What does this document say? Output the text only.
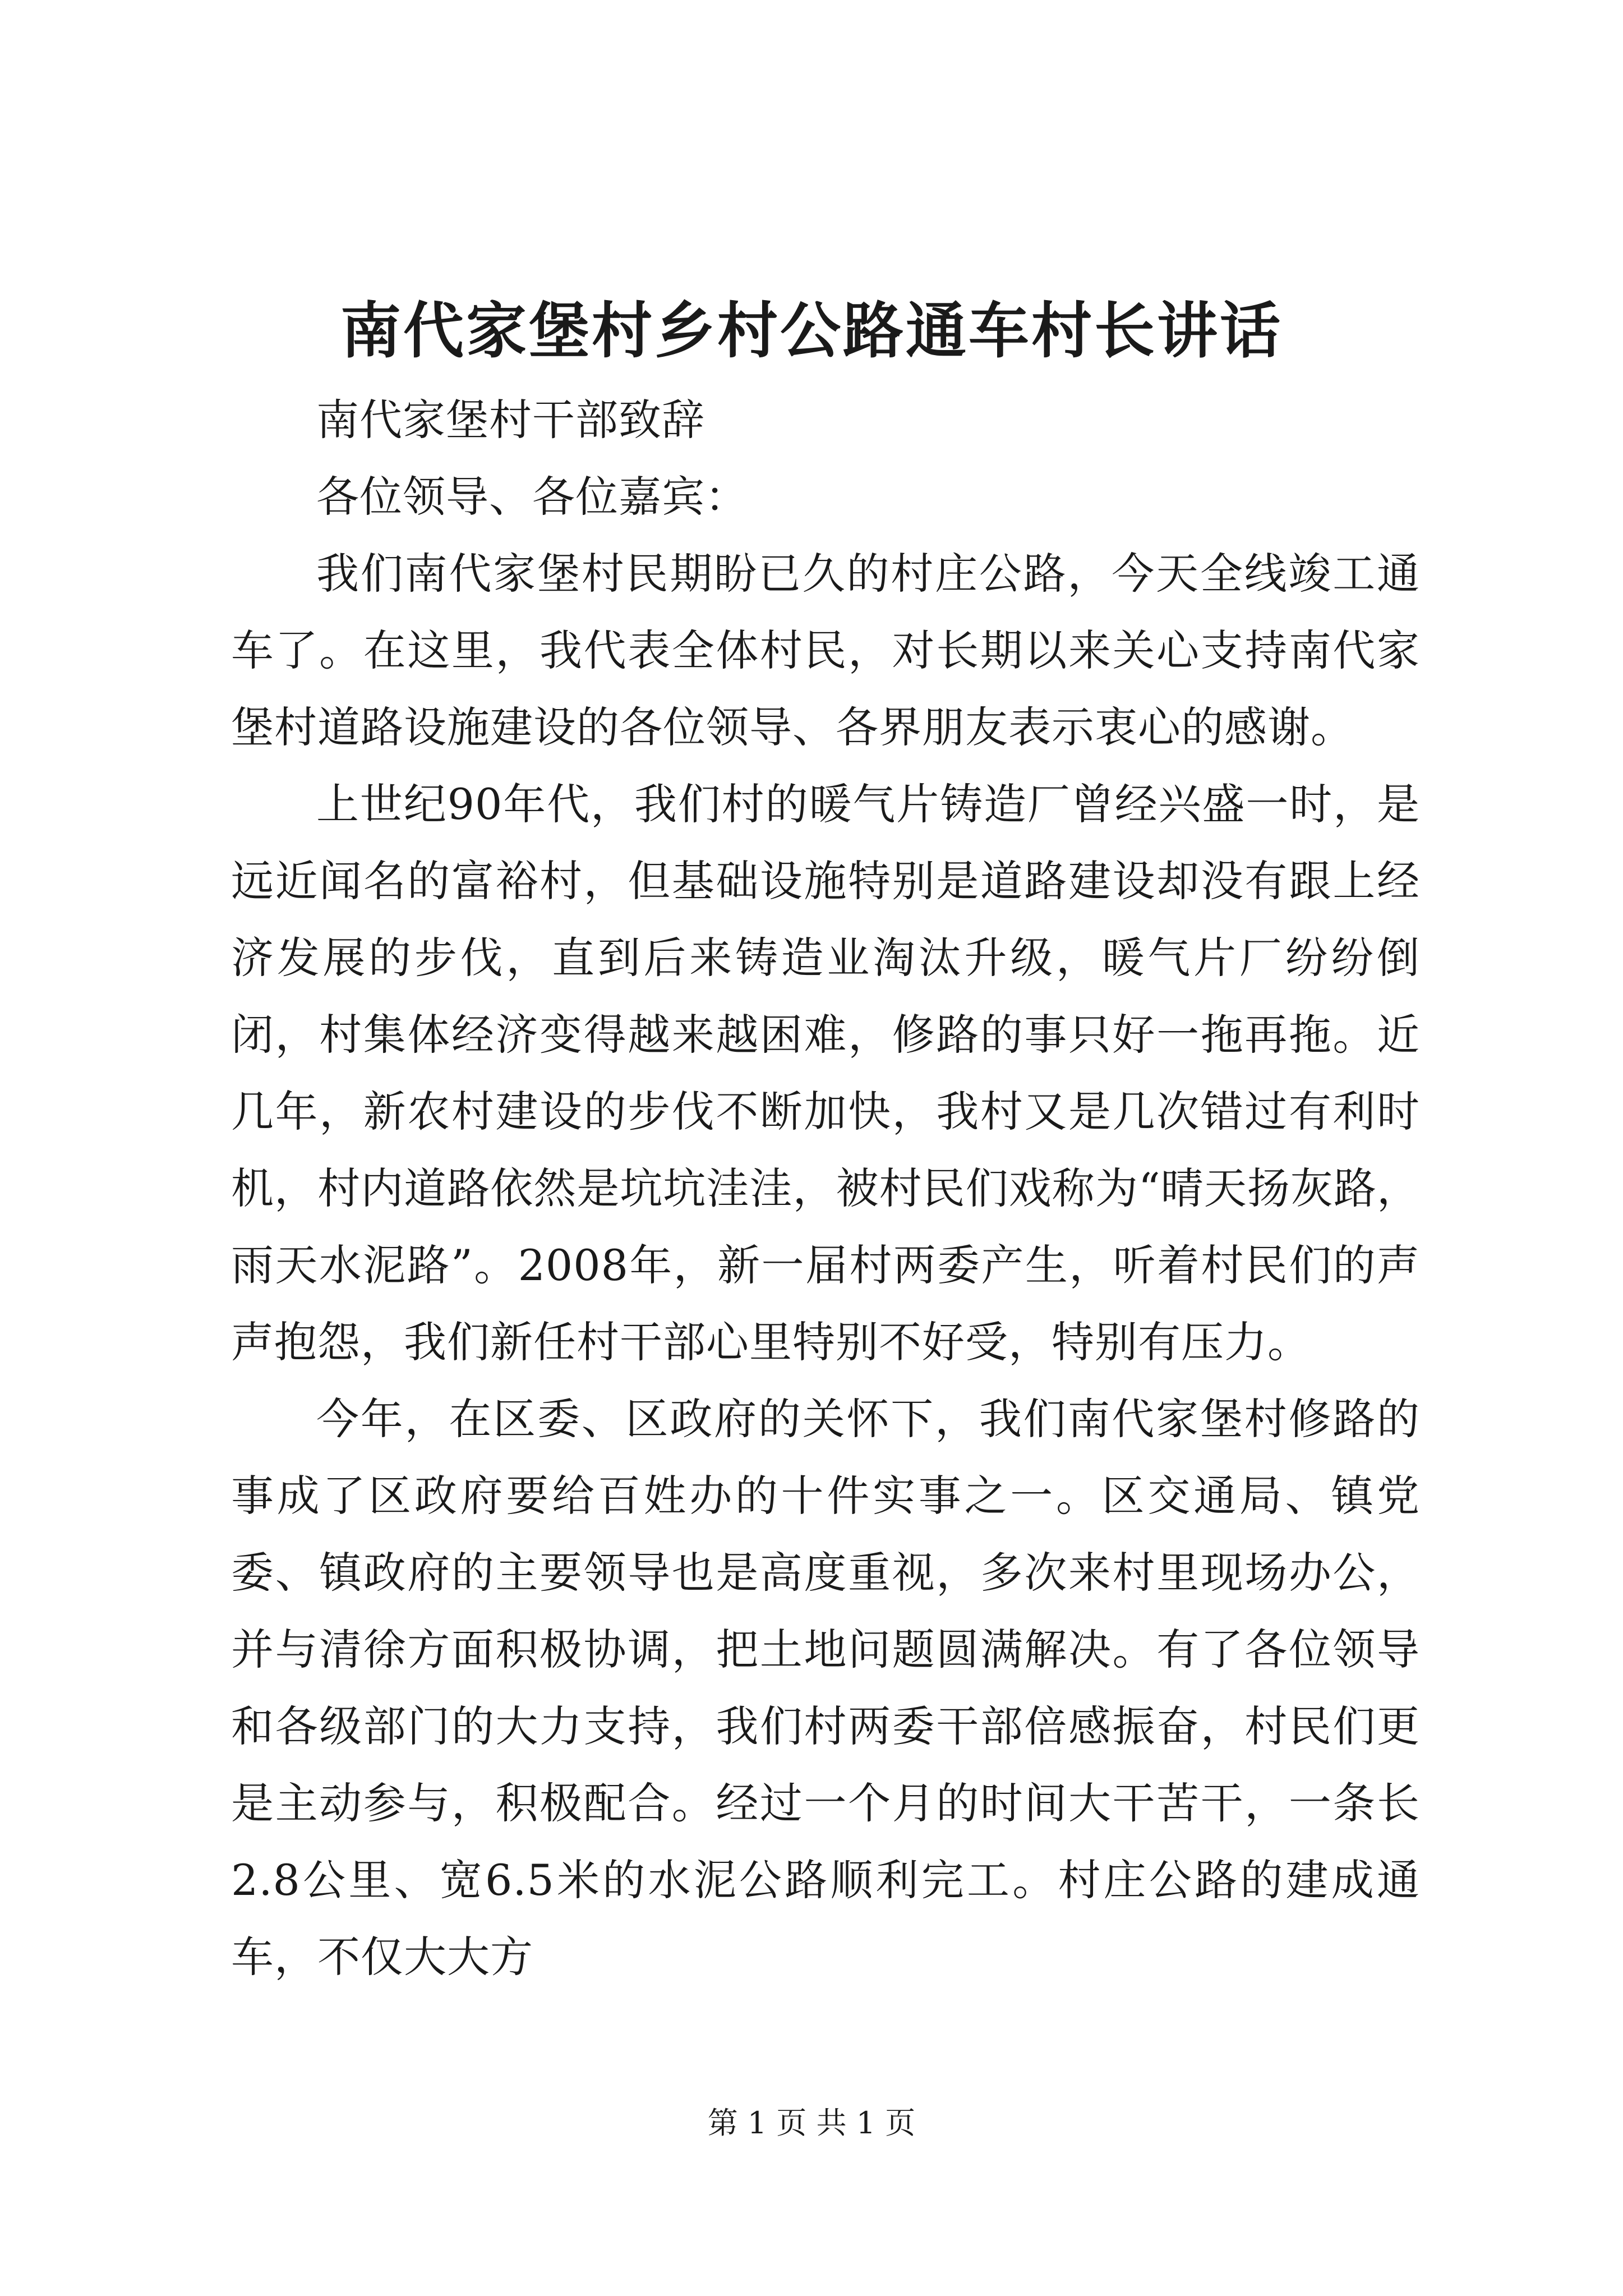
南代家堡村乡村公路通车村长讲话

南代家堡村干部致辞

各位领导、各位嘉宾：

我们南代家堡村民期盼已久的村庄公路，今天全线竣工通车了。在这里，我代表全体村民，对长期以来关心支持南代家堡村道路设施建设的各位领导、各界朋友表示衷心的感谢。

上世纪90年代，我们村的暖气片铸造厂曾经兴盛一时，是远近闻名的富裕村，但基础设施特别是道路建设却没有跟上经济发展的步伐，直到后来铸造业淘汰升级，暖气片厂纷纷倒闭，村集体经济变得越来越困难，修路的事只好一拖再拖。近几年，新农村建设的步伐不断加快，我村又是几次错过有利时机，村内道路依然是坑坑洼洼，被村民们戏称为“晴天扬灰路，雨天水泥路”。2008年，新一届村两委产生，听着村民们的声声抱怨，我们新任村干部心里特别不好受，特别有压力。

今年，在区委、区政府的关怀下，我们南代家堡村修路的事成了区政府要给百姓办的十件实事之一。区交通局、镇党委、镇政府的主要领导也是高度重视，多次来村里现场办公，并与清徐方面积极协调，把土地问题圆满解决。有了各位领导和各级部门的大力支持，我们村两委干部倍感振奋，村民们更是主动参与，积极配合。经过一个月的时间大干苦干，一条长2.8公里、宽6.5米的水泥公路顺利完工。村庄公路的建成通车，不仅大大方

第 1 页 共 1 页
